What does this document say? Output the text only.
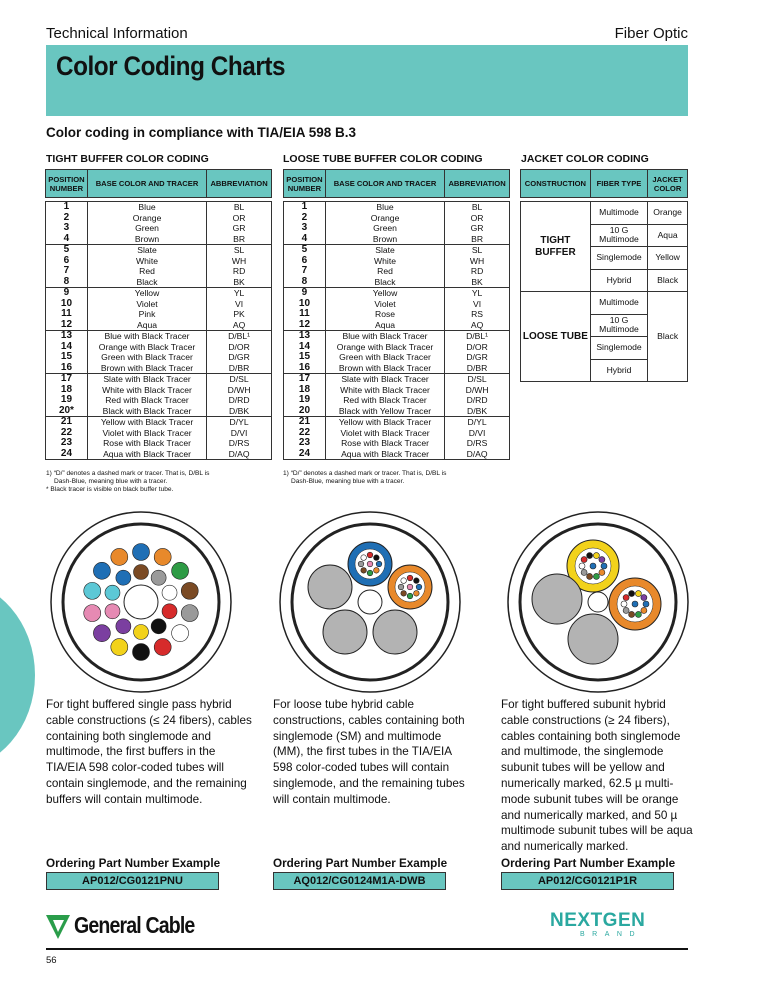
Technical Information	Fiber Optic
Color Coding Charts
Color coding in compliance with TIA/EIA 598 B.3
TIGHT BUFFER COLOR CODING	LOOSE TUBE BUFFER COLOR CODING	JACKET COLOR CODING
POSITION NUMBER	BASE COLOR AND TRACER	ABBREVIATION

1	Blue	BL
2	Orange	OR
3	Green	GR
4	Brown	BR
5	Slate	SL
6	White	WH
7	Red	RD
8	Black	BK
9	Yellow	YL
10	Violet	VI
11	Pink	PK
12	Aqua	AQ
13	Blue with Black Tracer	D/BL¹
14	Orange with Black Tracer	D/OR
15	Green with Black Tracer	D/GR
16	Brown with Black Tracer	D/BR
17	Slate with Black Tracer	D/SL
18	White with Black Tracer	D/WH
19	Red with Black Tracer	D/RD
20*	Black with Black Tracer	D/BK
21	Yellow with Black Tracer	D/YL
22	Violet with Black Tracer	D/VI
23	Rose with Black Tracer	D/RS
24	Aqua with Black Tracer	D/AQ
POSITION NUMBER	BASE COLOR AND TRACER	ABBREVIATION

1	Blue	BL
2	Orange	OR
3	Green	GR
4	Brown	BR
5	Slate	SL
6	White	WH
7	Red	RD
8	Black	BK
9	Yellow	YL
10	Violet	VI
11	Rose	RS
12	Aqua	AQ
13	Blue with Black Tracer	D/BL¹
14	Orange with Black Tracer	D/OR
15	Green with Black Tracer	D/GR
16	Brown with Black Tracer	D/BR
17	Slate with Black Tracer	D/SL
18	White with Black Tracer	D/WH
19	Red with Black Tracer	D/RD
20	Black with Yellow Tracer	D/BK
21	Yellow with Black Tracer	D/YL
22	Violet with Black Tracer	D/VI
23	Rose with Black Tracer	D/RS
24	Aqua with Black Tracer	D/AQ
CONSTRUCTION	FIBER TYPE	JACKET COLOR

TIGHT BUFFER	Multimode	Orange
	10 G Multimode	Aqua
	Singlemode	Yellow
	Hybrid	Black
LOOSE TUBE	Multimode	Black
	10 G Multimode	
	Singlemode	
	Hybrid	
1) “D/” denotes a dashed mark or tracer. That is, D/BL is
Dash-Blue, meaning blue with a tracer.
* Black tracer is visible on black buffer tube.
1) “D/” denotes a dashed mark or tracer. That is, D/BL is
Dash-Blue, meaning blue with a tracer.
For tight buffered single pass hybrid cable constructions (≤ 24 fibers), cables containing both singlemode and multimode, the first buffers in the TIA/EIA 598 color-coded tubes will contain singlemode, and the remaining buffers will contain multimode.
For loose tube hybrid cable constructions, cables containing both singlemode (SM) and multimode (MM), the first tubes in the TIA/EIA 598 color-coded tubes will contain singlemode, and the remaining tubes will contain multimode.
For tight buffered subunit hybrid cable constructions (≥ 24 fibers), cables containing both singlemode and multimode, the singlemode subunit tubes will be yellow and numerically marked, 62.5 µ multi-mode subunit tubes will be orange and numerically marked, and 50 µ multimode subunit tubes will be aqua and numerically marked.
Ordering Part Number Example	Ordering Part Number Example	Ordering Part Number Example
AP012/CG0121PNU	AQ012/CG0124M1A-DWB	AP012/CG0121P1R
General Cable	NEXTGEN
BRAND
56
